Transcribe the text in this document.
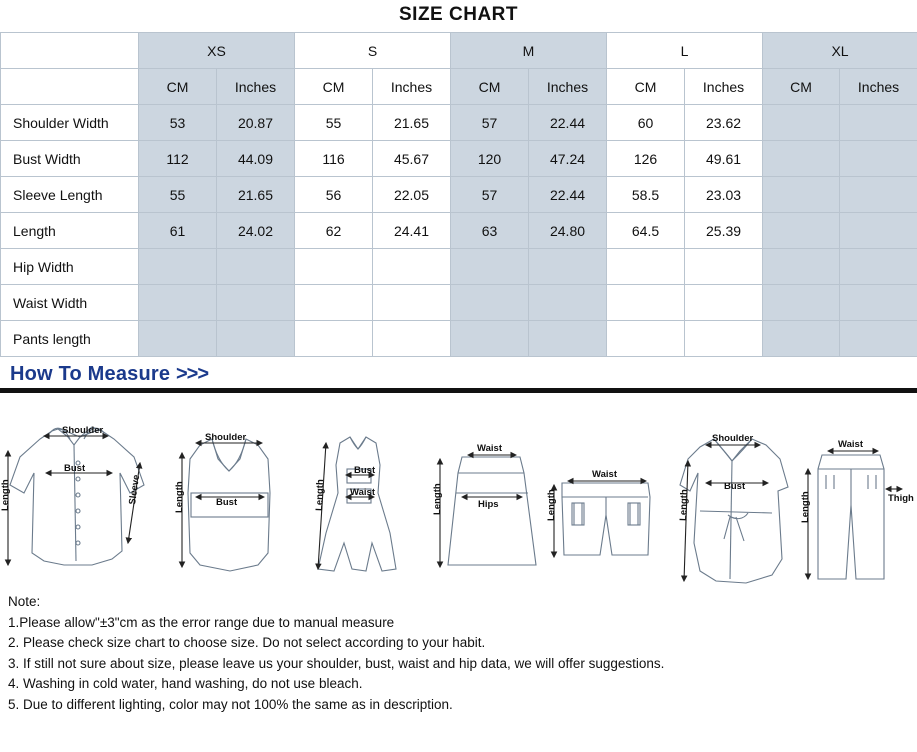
SIZE CHART
	XS		S		M		L		XL	
	CM	Inches	CM	Inches	CM	Inches	CM	Inches	CM	Inches
Shoulder Width	53	20.87	55	21.65	57	22.44	60	23.62		
Bust Width	112	44.09	116	45.67	120	47.24	126	49.61		
Sleeve Length	55	21.65	56	22.05	57	22.44	58.5	23.03		
Length	61	24.02	62	24.41	63	24.80	64.5	25.39		
Hip Width										
Waist Width										
Pants length										
How To Measure >>>
Shoulder
Bust
Sleeve
Length
Shoulder
Bust
Length
Bust
Waist
Length
Waist
Hips
Length
Waist
Length
Shoulder
Bust
Length
Waist
Thigh
Length
Note:
1.Please allow"±3"cm as the error range due to manual measure
2. Please check size chart to choose size. Do not select according to your habit.
3. If still not sure about size, please leave us your shoulder, bust, waist and hip data, we will offer suggestions.
4. Washing in cold water, hand washing, do not use bleach.
5. Due to different lighting, color may not 100% the same as in description.
